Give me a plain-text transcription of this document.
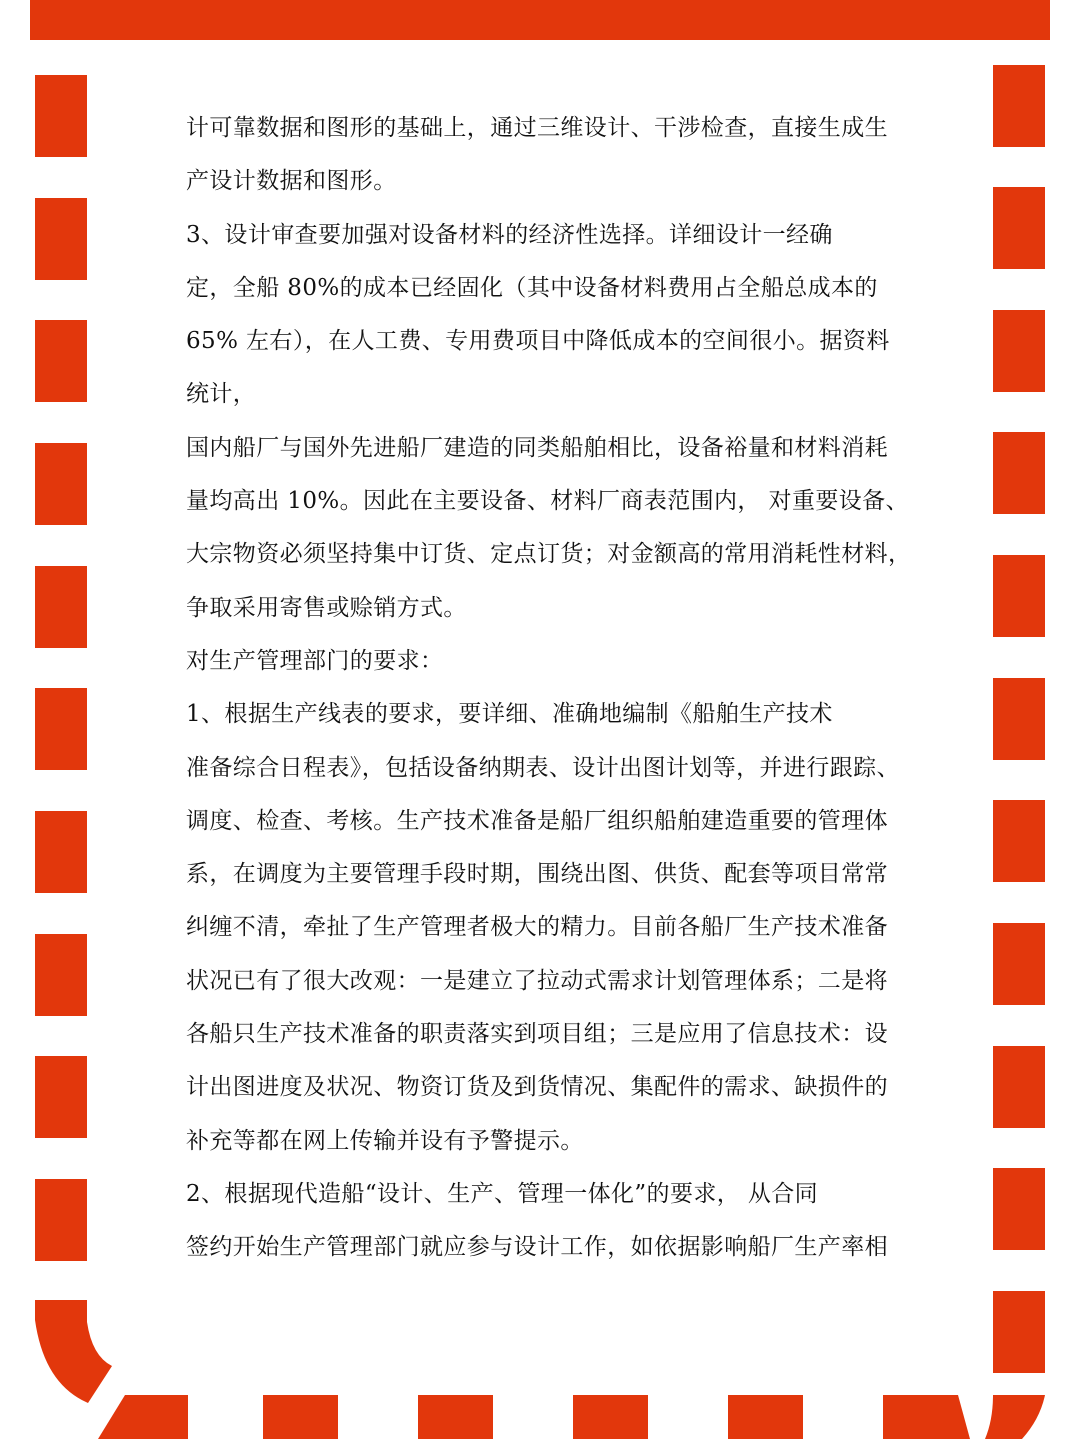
计可靠数据和图形的基础上，通过三维设计、干涉检查，直接生成生
产设计数据和图形。
3、设计审查要加强对设备材料的经济性选择。详细设计一经确
定，全船 80%的成本已经固化（其中设备材料费用占全船总成本的
65% 左右），在人工费、专用费项目中降低成本的空间很小。据资料
统计，
国内船厂与国外先进船厂建造的同类船舶相比，设备裕量和材料消耗
量均高出 10%。因此在主要设备、材料厂商表范围内， 对重要设备、
大宗物资必须坚持集中订货、定点订货；对金额高的常用消耗性材料，
争取采用寄售或赊销方式。
对生产管理部门的要求：
1、根据生产线表的要求，要详细、准确地编制《船舶生产技术
准备综合日程表》，包括设备纳期表、设计出图计划等，并进行跟踪、
调度、检查、考核。生产技术准备是船厂组织船舶建造重要的管理体
系，在调度为主要管理手段时期，围绕出图、供货、配套等项目常常
纠缠不清，牵扯了生产管理者极大的精力。目前各船厂生产技术准备
状况已有了很大改观：一是建立了拉动式需求计划管理体系；二是将
各船只生产技术准备的职责落实到项目组；三是应用了信息技术：设
计出图进度及状况、物资订货及到货情况、集配件的需求、缺损件的
补充等都在网上传输并设有予警提示。
2、根据现代造船“设计、生产、管理一体化”的要求， 从合同
签约开始生产管理部门就应参与设计工作，如依据影响船厂生产率相
